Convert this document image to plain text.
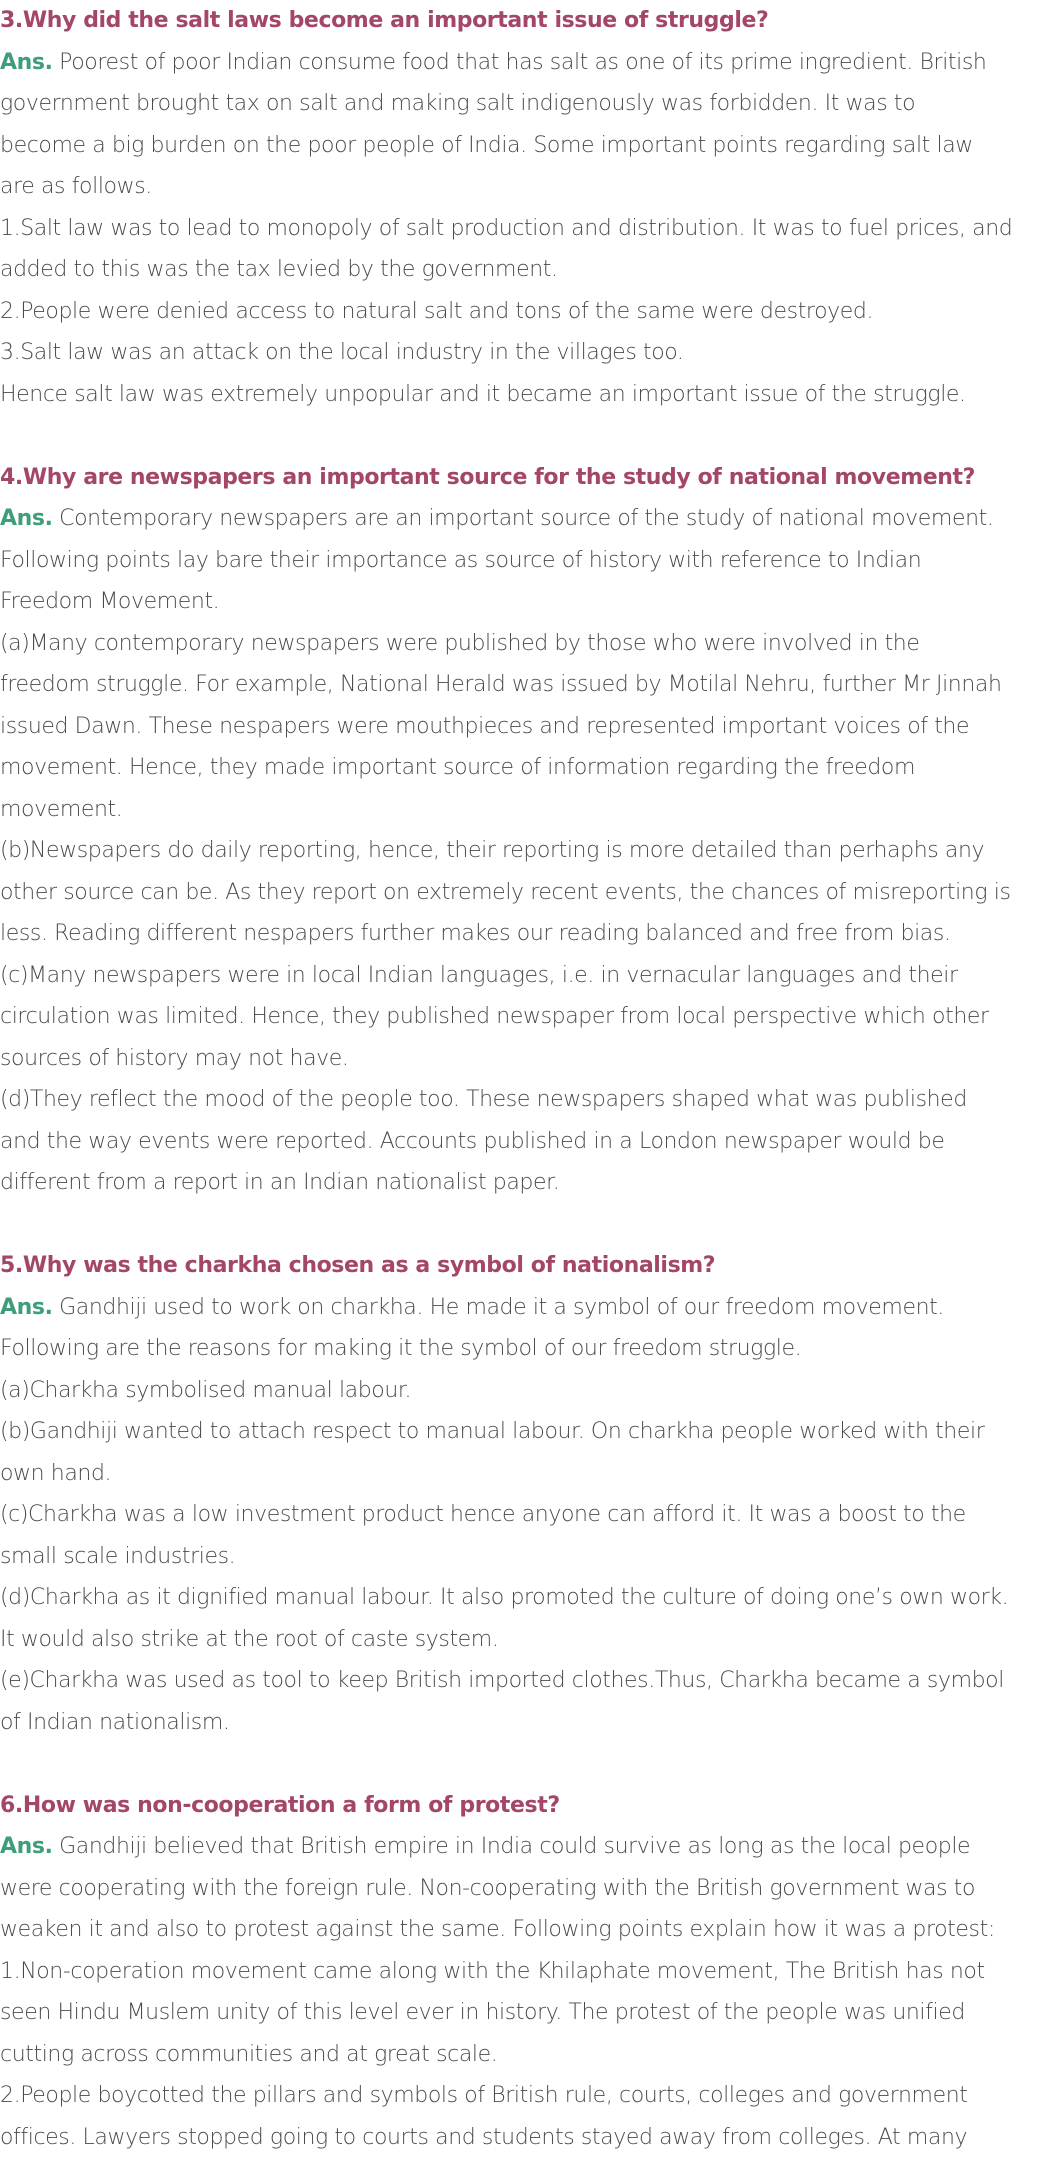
3.Why did the salt laws become an important issue of struggle?
Ans. Poorest of poor Indian consume food that has salt as one of its prime ingredient. British
government brought tax on salt and making salt indigenously was forbidden. It was to
become a big burden on the poor people of India. Some important points regarding salt law
are as follows.
1.Salt law was to lead to monopoly of salt production and distribution. It was to fuel prices, and
added to this was the tax levied by the government.
2.People were denied access to natural salt and tons of the same were destroyed.
3.Salt law was an attack on the local industry in the villages too.
Hence salt law was extremely unpopular and it became an important issue of the struggle.
4.Why are newspapers an important source for the study of national movement?
Ans. Contemporary newspapers are an important source of the study of national movement.
Following points lay bare their importance as source of history with reference to Indian
Freedom Movement.
(a)Many contemporary newspapers were published by those who were involved in the
freedom struggle. For example, National Herald was issued by Motilal Nehru, further Mr Jinnah
issued Dawn. These nespapers were mouthpieces and represented important voices of the
movement. Hence, they made important source of information regarding the freedom
movement.
(b)Newspapers do daily reporting, hence, their reporting is more detailed than perhaphs any
other source can be. As they report on extremely recent events, the chances of misreporting is
less. Reading different nespapers further makes our reading balanced and free from bias.
(c)Many newspapers were in local Indian languages, i.e. in vernacular languages and their
circulation was limited. Hence, they published newspaper from local perspective which other
sources of history may not have.
(d)They reflect the mood of the people too. These newspapers shaped what was published
and the way events were reported. Accounts published in a London newspaper would be
different from a report in an Indian nationalist paper.
5.Why was the charkha chosen as a symbol of nationalism?
Ans. Gandhiji used to work on charkha. He made it a symbol of our freedom movement.
Following are the reasons for making it the symbol of our freedom struggle.
(a)Charkha symbolised manual labour.
(b)Gandhiji wanted to attach respect to manual labour. On charkha people worked with their
own hand.
(c)Charkha was a low investment product hence anyone can afford it. It was a boost to the
small scale industries.
(d)Charkha as it dignified manual labour. It also promoted the culture of doing one’s own work.
It would also strike at the root of caste system.
(e)Charkha was used as tool to keep British imported clothes.Thus, Charkha became a symbol
of Indian nationalism.
6.How was non-cooperation a form of protest?
Ans. Gandhiji believed that British empire in India could survive as long as the local people
were cooperating with the foreign rule. Non-cooperating with the British government was to
weaken it and also to protest against the same. Following points explain how it was a protest:
1.Non-coperation movement came along with the Khilaphate movement, The British has not
seen Hindu Muslem unity of this level ever in history. The protest of the people was unified
cutting across communities and at great scale.
2.People boycotted the pillars and symbols of British rule, courts, colleges and government
offices. Lawyers stopped going to courts and students stayed away from colleges. At many
